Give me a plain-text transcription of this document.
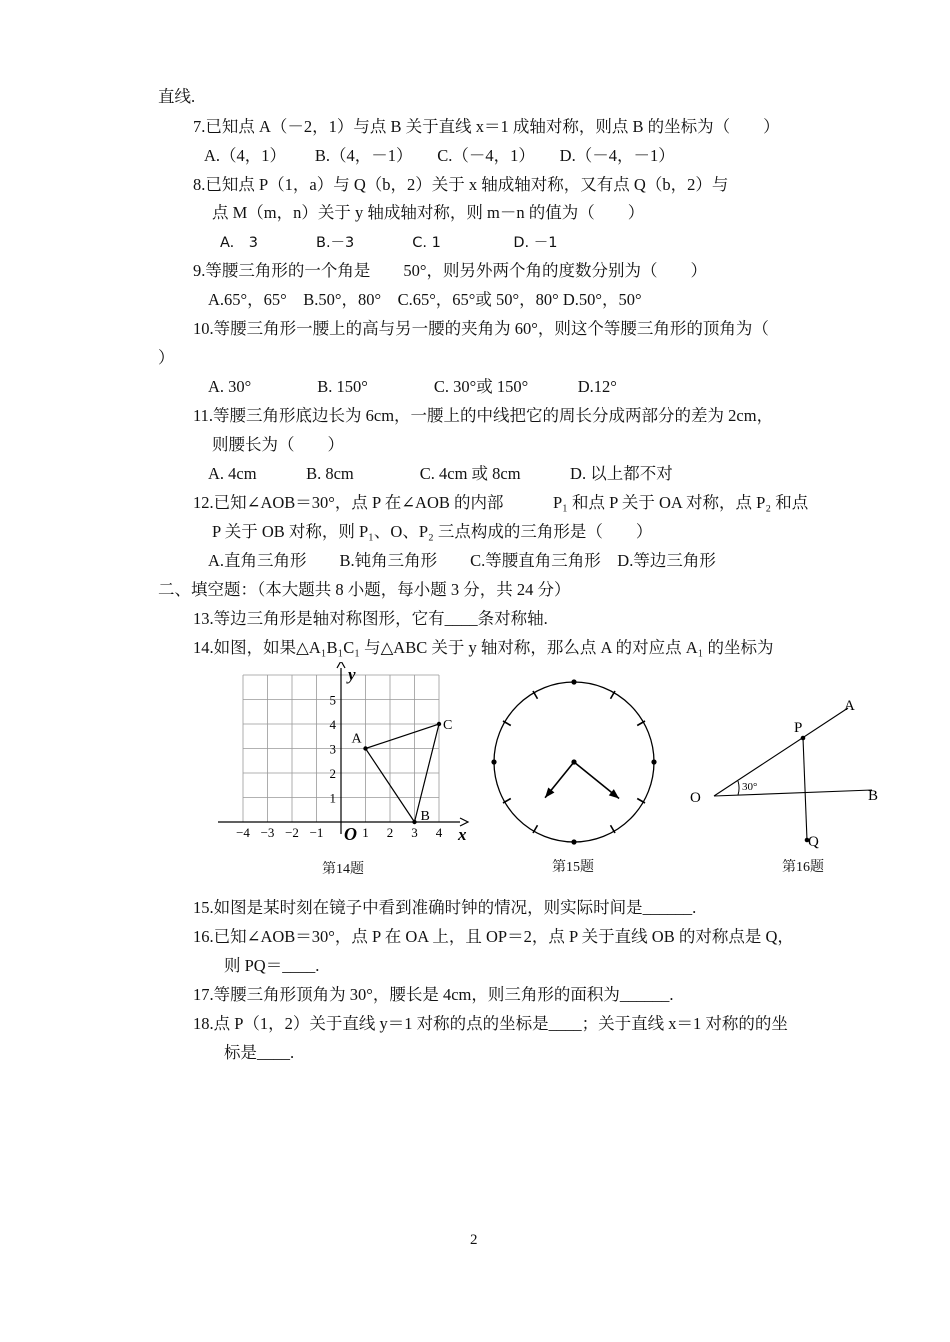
直线.
7.已知点 A（－2，1）与点 B 关于直线 x＝1 成轴对称，则点 B 的坐标为（　　）
A.（4，1）　　 B.（4，－1）　　C.（－4，1）　　D.（－4，－1）
8.已知点 P（1，a）与 Q（b，2）关于 x 轴成轴对称，又有点 Q（b，2）与
点 M（m，n）关于 y 轴成轴对称，则 m－n 的值为（　　）
A.　3　　　　B.－3　　　　C. 1　　　　　D. －1
9.等腰三角形的一个角是　　50°，则另外两个角的度数分别为（　　）
A.65°，65°　B.50°，80°　C.65°，65°或 50°，80° D.50°，50°
10.等腰三角形一腰上的高与另一腰的夹角为 60°，则这个等腰三角形的顶角为（
）
A. 30°　　　　B. 150°　　　　C. 30°或 150°　　　D.12°
11.等腰三角形底边长为 6cm，一腰上的中线把它的周长分成两部分的差为 2cm，
则腰长为（　　）
A. 4cm　　　B. 8cm　　　　C. 4cm 或 8cm　　　D. 以上都不对
12.已知∠AOB＝30°，点 P 在∠AOB 的内部　　　P₁ 和点 P 关于 OA 对称，点 P₂ 和点
P 关于 OB 对称，则 P₁、O、P₂ 三点构成的三角形是（　　）
A.直角三角形　　B.钝角三角形　　C.等腰直角三角形　D.等边三角形
二、填空题：（本大题共 8 小题，每小题 3 分，共 24 分）
13.等边三角形是轴对称图形，它有____条对称轴.
14.如图，如果△A₁B₁C₁ 与△ABC 关于 y 轴对称，那么点 A 的对应点 A₁ 的坐标为
−4 −3 −2 −1	1 2 3 4
1
2
3
4
5
O	x
y
A
B
C
第14题	第15题
O
A
B
P
Q
30°
第16题
15.如图是某时刻在镜子中看到准确时钟的情况，则实际时间是______.
16.已知∠AOB＝30°，点 P 在 OA 上，且 OP＝2，点 P 关于直线 OB 的对称点是 Q，
则 PQ＝____.
17.等腰三角形顶角为 30°，腰长是 4cm，则三角形的面积为______.
18.点 P（1，2）关于直线 y＝1 对称的点的坐标是____；关于直线 x＝1 对称的的坐
标是____.
2
